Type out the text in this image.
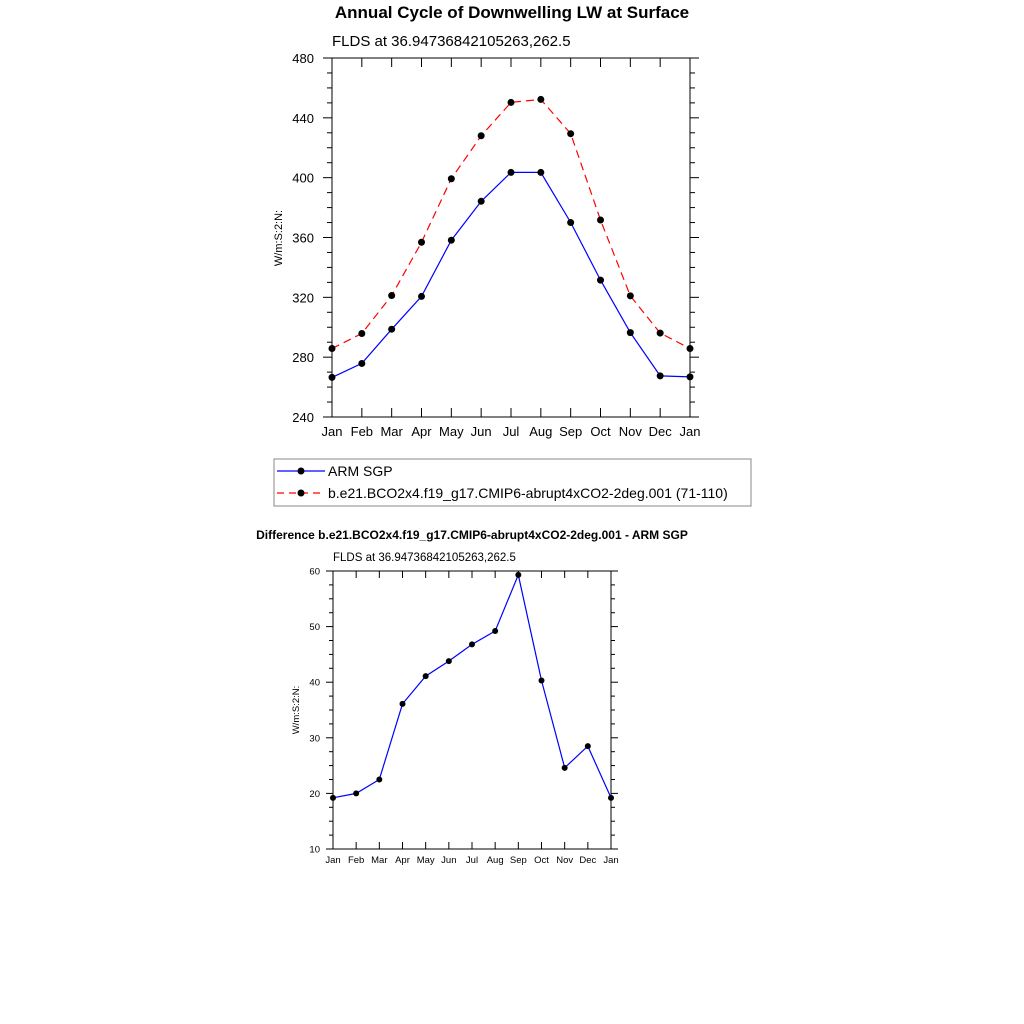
Annual Cycle of Downwelling LW at Surface
FLDS at 36.94736842105263,262.5
W/m:S:2:N:
Jan Feb Mar Apr May Jun Jul Aug Sep Oct Nov Dec Jan
240
280
320
360
400
440
480
ARM SGP
b.e21.BCO2x4.f19_g17.CMIP6-abrupt4xCO2-2deg.001 (71-110)
Difference b.e21.BCO2x4.f19_g17.CMIP6-abrupt4xCO2-2deg.001 - ARM SGP
FLDS at 36.94736842105263,262.5
W/m:S:2:N:
Jan Feb Mar Apr May Jun Jul Aug Sep Oct Nov Dec Jan
10
20
30
40
50
60
